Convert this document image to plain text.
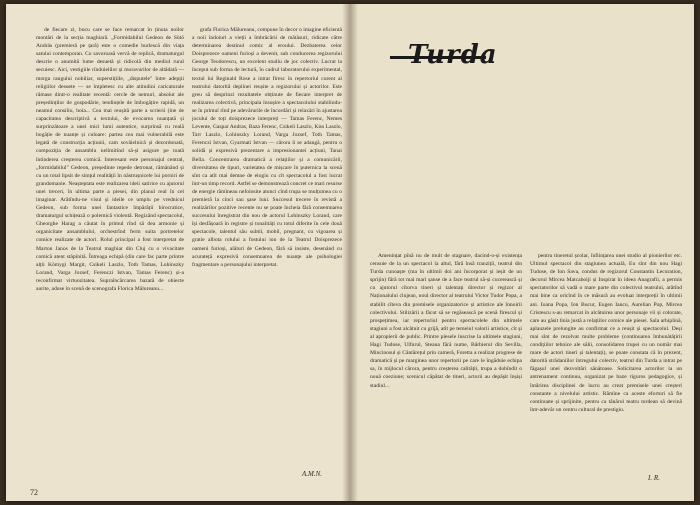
de fiecare zi, bucu care se face remarcat în ținuta noilor montări de la secția maghiară. „Formidabilul Gedeon de Sütö András (premieră pe țară) este o comedie burlescă din viața satului contemporan. Cu savuroasă vervă de replică, dramaturgul descrie o anumită lume desuetă și ridicolă din mediul rural secuiesc. Aici, vestigiile rînduielilor și moravurilor de altădată — morga rangului nobiliar, superstițiile, „disputele" între adepții religiilor desuete — se împletesc cu alte atitudini caricaturale rămase dintr-o realitate recentă: cercle de nemuri, absolut ale președinților de gospodărie, tendințele de îmbogățire rapidă, un neamul consiliu, hoia... Cea mai reușită parte a scrierii (ine de capacitatea descriptivă a textului, de evocarea nuanțată și surprinzătoare a unei mici lumi autentice, surprinsă cu reală bogăție de nuanțe și culoare: partea cea mai vulnerabilă este legată de construcția acțiunii, cam sovăielnică și dezordonată, compoziția de ansamblu nelimitînd să-și asigure pe toată întinderea creșterea comică. Interesant este personajul central, „formidabilul" Gedeon, președinte repede detronat, rămânând și cu un total lipsit de simțul realității în năstrușnicele lui porniri de grandomanie. Neașteptata este realizarea ideii satirice cu ajutorul unei treceri, în ultima parte a piesei, din planul real în cel imaginar. Arătîndu-ne visul și ideile ce umplu pe vrednicul Gedeon, sub forma unei fantastice împărății birocratice, dramaturgul schițează o polemică violentă. Regizând spectacolul, Gheorghe Harag a căutat în primul rînd să dea armonie și organicitate ansamblului, orchestrînd ferm suita portretelor comice realizate de actori. Rolul principal a fost interpretat de Marton Janos de la Teatrul maghiar din Cluj cu o vivacitate comică atent stăpînită. Întreaga echipă (din care fac parte printre alții Kömygi Margit, Csikeli Laszlo, Toth Tamas, Lohinszky Lorand, Varga Jozsef, Ferenczi Istvan, Tamas Ferenc) și-a reconfirmat virtuozitatea. Supraîncărcarea bazată de obiecte aurite, aduse în scenă de scenografa Florica Mălureanu...

grafa Florica Mălureanu, compune în decor o imagine eficientă a noii îndoiuri a vieții a îmbrăcării de mătăsuri, ridicate către determinarea destinul comic al eroului. Dezbaterea celor Doisprezece oameni furioși a devenit, sub conducerea regizorului George Teodorescu, un excelent studiu de joc colectiv. Lucrat la început sub forma de lectură, în cadrul laboratorului experimental, textul lui Reginald Rose a intrat firesc în repertoriul curent al teatrului datorită deplinei reușite a regizorului și actorilor. Este greu să desprinzi rezultatele obținute de fiecare interpret de realizarea colectivă, principala însușire a spectacolului stabilindu-se în primul rînd pe adevărurile de încordări și relaxări în ajustarea jocului de toți doisprezece interpreți — Tamas Ferenc, Nemes Levente, Gaspar Andras, Baza Ferenc, Csikeli Laszlo, Kiss Laszlo, Tarr Laszlo, Lohinszky Lorand, Varga Jozsef, Toth Tamas, Ferenczi Istvan, Gyarmati Istvan — cărora li se adaugă, pentru o solidă și expresivă prezentare a impresionantei acțiuni, Tanai Bella. Concentrarea dramatică a relațiilor și a comunicării, diversitatea de tipuri, varietatea de mișcare în puternica la scenă sînt ca atît mai demne de elogiu cu cît spectacolul a fost lucrat într-un timp record. Astfel se demonstrează concret ce mari resurse de energie rămîneau nefolosite atunci cînd trupa se mulțumea cu o premieră la cinci sau șase luni. Succesul trecere în revistă a realizărilor pozitive recente nu se poate încheia fără consemnarea succesului înregistrat din nou de actorul Lohinszky Lorand, care își desfășoară în registre și tonalități cu totul diferite în cele două spectacole, talentul său subtil, mobil, pregnant, cu vigoarea și gratie albota rolului a fostului ion de la Teatrul Doisprezece oameni furioși, alături de Gedeon, fără să insiste, desenând cu acurateță expresivă consemnarea de nuanțe ale psihologiei fragmentare a personajului interpretat.

A.M.N.
72
Turda

Amenințat pînă nu de mult de stagnare, dacind-o-și existența censuie de la un spectacol la altul, fără însă tranziții, teatrul din Turda cunoaște (ma în ultimii doi ani încorporat și ieșit de un sprijin) fără tot mai mari șanse de a face teatrul să-și cucerească și cu ajutorul cîtorva tineri și talentați director și regizor al Naționalului clujean, noul director al teatrului Victor Tudor Popa, a stabilit cîteva din premisele organizatorice și artistice ale înnoirii colectivului. Stilizării a făcut să se regăsească pe scenă firescul și prospețimea, iar repertoriul pentru spectacolele din ultimele stagiuni a fost alcătuit cu grijă, atît pe temeiul valorii artistice, cît și al apropierii de public. Printre piesele înscrise la ultimele stagiuni, Hagi Tudose, Ulfurul, Steaua fără nume, Bărbierul din Sevilla, Mincinosul și Cântărețul prin cameră, Foretta a realizat progrese de dramatică și pe marginea unor repertorii pe care le îngăduie echipa sa, în mijlocul cărora, pentru creșterea calității, trupa a dobîndit o nouă coeziune; scenicul căpătat de tineri, actorii au depășit înșiși stadiul...

pentru tineretul școlar, înființarea unei studio al pionierilor etc. Ultimul spectacol din stagiunea actuală, Eu sînt din nou Hagi Tudose, de Ion Sava, condus de regizorul Constantin Lecuration, decorul Mircea Matcaboiji și Inspirat în ideea Anagrafii, a permis spectatorilor să vadă o mare parte din colectivul teatrului, arătînd mai bine ca oricînd în ce măsură au evoluat interpreții în ultimii ani. Ioana Popa, Ion Bucur, Eugen Iancu, Aurelian Pop, Mircea Cristescu s-au remarcat în alcătuirea unor personaje vii și colorate, care au găsit linia justă a relațiilor comice ale piesei. Sala arhiplină, aplauzele prelungite au confirmat ce a reușit și spectacolul. Deși mai sînt de rezolvat multe probleme (continuarea îmbunătățirii condițiilor tehnice ale sălii, consolidarea trupei cu un număr mai mare de actori tineri și talentați), se poate constata că în prezent, datorită strădaniilor întregului colectiv, teatrul din Turda a intrat pe făgașul unei dezvoltări sănătoase. Solicitarea actorilor la un antrenament continuu, organizat pe baze riguros pedagogice, și întărirea disciplinei de lucru au creat premisele unei creșteri constante a nivelului artistic. Rămîne ca aceste eforturi să fie continuate și sprijinite, pentru ca tânărul teatru turdean să devină într-adevăr un centru cultural de prestigiu.

I. R.
